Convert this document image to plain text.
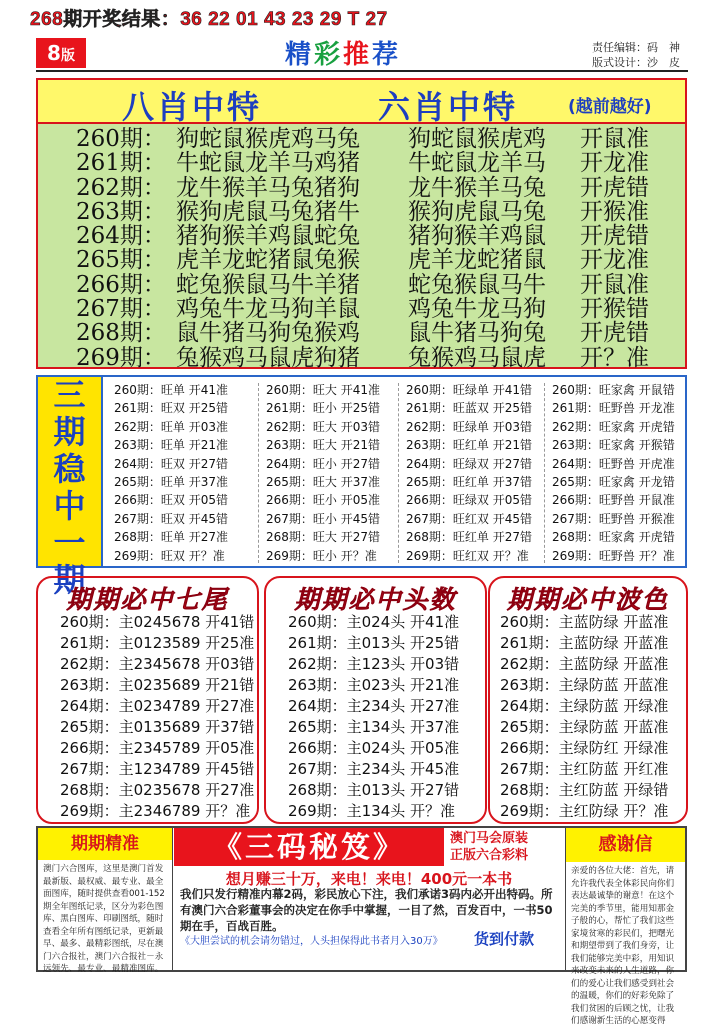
268期开奖结果：36 22 01 43 23 29 T 27
8版	精彩推荐	责任编辑：码　神
版式设计：沙　皮
八肖中特	六肖中特	(越前越好)
260期： 狗蛇鼠猴虎鸡马兔 狗蛇鼠猴虎鸡 开鼠准
261期： 牛蛇鼠龙羊马鸡猪 牛蛇鼠龙羊马 开龙准
262期： 龙牛猴羊马兔猪狗 龙牛猴羊马兔 开虎错
263期： 猴狗虎鼠马兔猪牛 猴狗虎鼠马兔 开猴准
264期： 猪狗猴羊鸡鼠蛇兔 猪狗猴羊鸡鼠 开虎错
265期： 虎羊龙蛇猪鼠兔猴 虎羊龙蛇猪鼠 开龙准
266期： 蛇兔猴鼠马牛羊猪 蛇兔猴鼠马牛 开鼠准
267期： 鸡兔牛龙马狗羊鼠 鸡兔牛龙马狗 开猴错
268期： 鼠牛猪马狗兔猴鸡 鼠牛猪马狗兔 开虎错
269期： 兔猴鸡马鼠虎狗猪 兔猴鸡马鼠虎 开？准
三
期
稳
中
一
期
260期：旺单 开41准
261期：旺双 开25错
262期：旺单 开03准
263期：旺单 开21准
264期：旺双 开27错
265期：旺单 开37准
266期：旺双 开05错
267期：旺双 开45错
268期：旺单 开27准
269期：旺双 开？准
260期：旺大 开41准
261期：旺小 开25错
262期：旺大 开03错
263期：旺大 开21错
264期：旺小 开27错
265期：旺大 开37准
266期：旺小 开05准
267期：旺小 开45错
268期：旺大 开27错
269期：旺小 开？准
260期：旺绿单 开41错
261期：旺蓝双 开25错
262期：旺绿单 开03错
263期：旺红单 开21错
264期：旺绿双 开27错
265期：旺红单 开37错
266期：旺绿双 开05错
267期：旺红双 开45错
268期：旺红单 开27错
269期：旺红双 开？准
260期：旺家禽 开鼠错
261期：旺野兽 开龙准
262期：旺家禽 开虎错
263期：旺家禽 开猴错
264期：旺野兽 开虎准
265期：旺家禽 开龙错
266期：旺野兽 开鼠准
267期：旺野兽 开猴准
268期：旺家禽 开虎错
269期：旺野兽 开？准
期期必中七尾
260期：主0245678 开41错
261期：主0123589 开25准
262期：主2345678 开03错
263期：主0235689 开21错
264期：主0234789 开27准
265期：主0135689 开37错
266期：主2345789 开05准
267期：主1234789 开45错
268期：主0235678 开27准
269期：主2346789 开？准
期期必中头数
260期：主024头 开41准
261期：主013头 开25错
262期：主123头 开03错
263期：主023头 开21准
264期：主234头 开27准
265期：主134头 开37准
266期：主024头 开05准
267期：主234头 开45准
268期：主013头 开27错
269期：主134头 开？准
期期必中波色
260期：主蓝防绿 开蓝准
261期：主蓝防绿 开蓝准
262期：主蓝防绿 开蓝准
263期：主绿防蓝 开蓝准
264期：主绿防蓝 开绿准
265期：主绿防蓝 开蓝准
266期：主绿防红 开绿准
267期：主红防蓝 开红准
268期：主红防蓝 开绿错
269期：主红防绿 开？准
期期精准
澳门六合图库，这里是澳门首发最新版、最权威、最专业、最全面图库，随时提供查看001-152期全年图纸记录，区分为彩色图库、黑白图库、印刷图纸，随时查看全年所有图纸记录，更新最早、最多、最精彩图纸，尽在澳门六合报社，澳门六合报社－永远领先、最专业、最精准图库。
《三码秘笈》	澳门马会原装
正版六合彩料
想月赚三十万，来电！来电！400元一本书
我们只发行精准内幕2码，彩民放心下注，我们承诺3码内必开出特码。所有澳门六合彩董事会的决定在你手中掌握，一目了然，百发百中，一书50期在手，百战百胜。
《大胆尝试的机会请勿错过，人头担保得此书者月入30万》 货到付款
感谢信
亲爱的各位大佬：首先，请允许我代表全体彩民向你们表达最诚挚的谢意！在这个完美的季节里，能用知那金子般的心，帮忙了我们这些家境贫寒的彩民们，把曙光和期望带到了我们身旁，让我们能够完美中彩，用知识来改变未来的人生道路，你们的爱心让我们感受到社会的温暖，你们的好彩免除了我们贫困的后顾之忧，让我们感谢新生活的心愿变得
